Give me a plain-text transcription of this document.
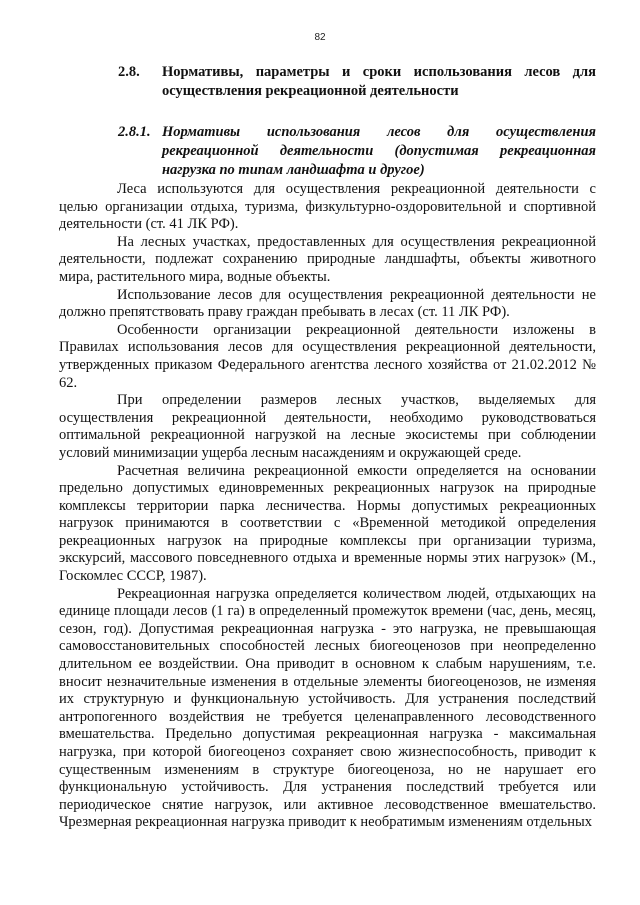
82
2.8. Нормативы, параметры и сроки использования лесов для осуществления рекреационной деятельности
2.8.1. Нормативы использования лесов для осуществления рекреационной деятельности (допустимая рекреационная нагрузка по типам ландшафта и другое)

Леса используются для осуществления рекреационной деятельности с целью организации отдыха, туризма, физкультурно-оздоровительной и спортивной деятельности (ст. 41 ЛК РФ).

На лесных участках, предоставленных для осуществления рекреационной деятельности, подлежат сохранению природные ландшафты, объекты животного мира, растительного мира, водные объекты.

Использование лесов для осуществления рекреационной деятельности не должно препятствовать праву граждан пребывать в лесах (ст. 11 ЛК РФ).

Особенности организации рекреационной деятельности изложены в Правилах использования лесов для осуществления рекреационной деятельности, утвержденных приказом Федерального агентства лесного хозяйства от 21.02.2012 № 62.

При определении размеров лесных участков, выделяемых для осуществления рекреационной деятельности, необходимо руководствоваться оптимальной рекреационной нагрузкой на лесные экосистемы при соблюдении условий минимизации ущерба лесным насаждениям и окружающей среде.

Расчетная величина рекреационной емкости определяется на основании предельно допустимых единовременных рекреационных нагрузок на природные комплексы территории парка лесничества. Нормы допустимых рекреационных нагрузок принимаются в соответствии с «Временной методикой определения рекреационных нагрузок на природные комплексы при организации туризма, экскурсий, массового повседневного отдыха и временные нормы этих нагрузок» (М., Госкомлес СССР, 1987).

Рекреационная нагрузка определяется количеством людей, отдыхающих на единице площади лесов (1 га) в определенный промежуток времени (час, день, месяц, сезон, год). Допустимая рекреационная нагрузка - это нагрузка, не превышающая самовосстановительных способностей лесных биогеоценозов при неопределенно длительном ее воздействии. Она приводит в основном к слабым нарушениям, т.е. вносит незначительные изменения в отдельные элементы биогеоценозов, не изменяя их структурную и функциональную устойчивость. Для устранения последствий антропогенного воздействия не требуется целенаправленного лесоводственного вмешательства. Предельно допустимая рекреационная нагрузка - максимальная нагрузка, при которой биогеоценоз сохраняет свою жизнеспособность, приводит к существенным изменениям в структуре биогеоценоза, но не нарушает его функциональную устойчивость. Для устранения последствий требуется или периодическое снятие нагрузок, или активное лесоводственное вмешательство. Чрезмерная рекреационная нагрузка приводит к необратимым изменениям отдельных
